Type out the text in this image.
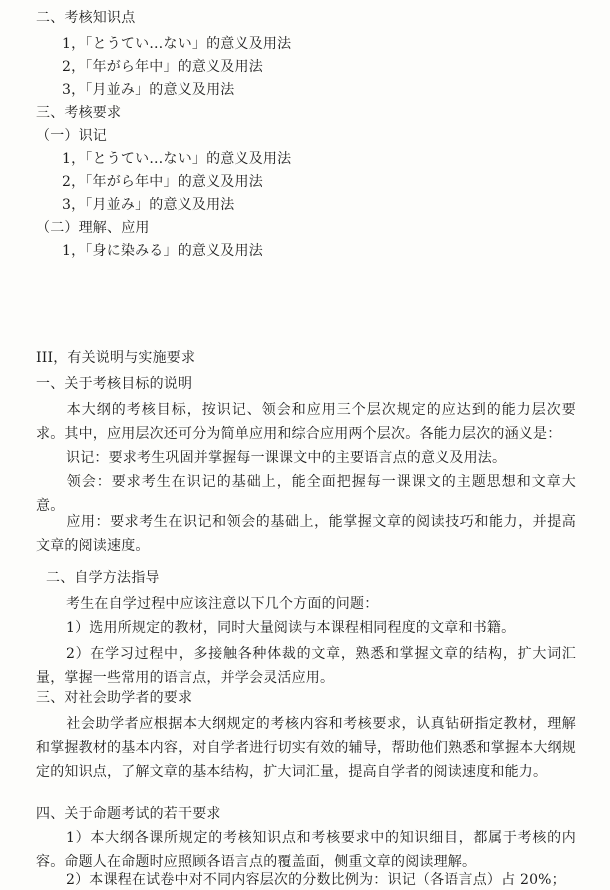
二、考核知识点
1，「とうてい…ない」的意义及用法
2，「年がら年中」的意义及用法
3，「月並み」的意义及用法
三、考核要求
（一）识记
1，「とうてい…ない」的意义及用法
2，「年がら年中」的意义及用法
3，「月並み」的意义及用法
（二）理解、应用
1，「身に染みる」的意义及用法
III，有关说明与实施要求
一、关于考核目标的说明
本大纲的考核目标，按识记、领会和应用三个层次规定的应达到的能力层次要求。其中，应用层次还可分为简单应用和综合应用两个层次。各能力层次的涵义是：
识记：要求考生巩固并掌握每一课课文中的主要语言点的意义及用法。
领会：要求考生在识记的基础上，能全面把握每一课课文的主题思想和文章大意。
应用：要求考生在识记和领会的基础上，能掌握文章的阅读技巧和能力，并提高文章的阅读速度。
二、自学方法指导
考生在自学过程中应该注意以下几个方面的问题：
1）选用所规定的教材，同时大量阅读与本课程相同程度的文章和书籍。
2）在学习过程中，多接触各种体裁的文章，熟悉和掌握文章的结构，扩大词汇量，掌握一些常用的语言点，并学会灵活应用。
三、对社会助学者的要求
社会助学者应根据本大纲规定的考核内容和考核要求，认真钻研指定教材，理解和掌握教材的基本内容，对自学者进行切实有效的辅导，帮助他们熟悉和掌握本大纲规定的知识点，了解文章的基本结构，扩大词汇量，提高自学者的阅读速度和能力。
四、关于命题考试的若干要求
1）本大纲各课所规定的考核知识点和考核要求中的知识细目，都属于考核的内容。命题人在命题时应照顾各语言点的覆盖面，侧重文章的阅读理解。
2）本课程在试卷中对不同内容层次的分数比例为：识记（各语言点）占 20%；
